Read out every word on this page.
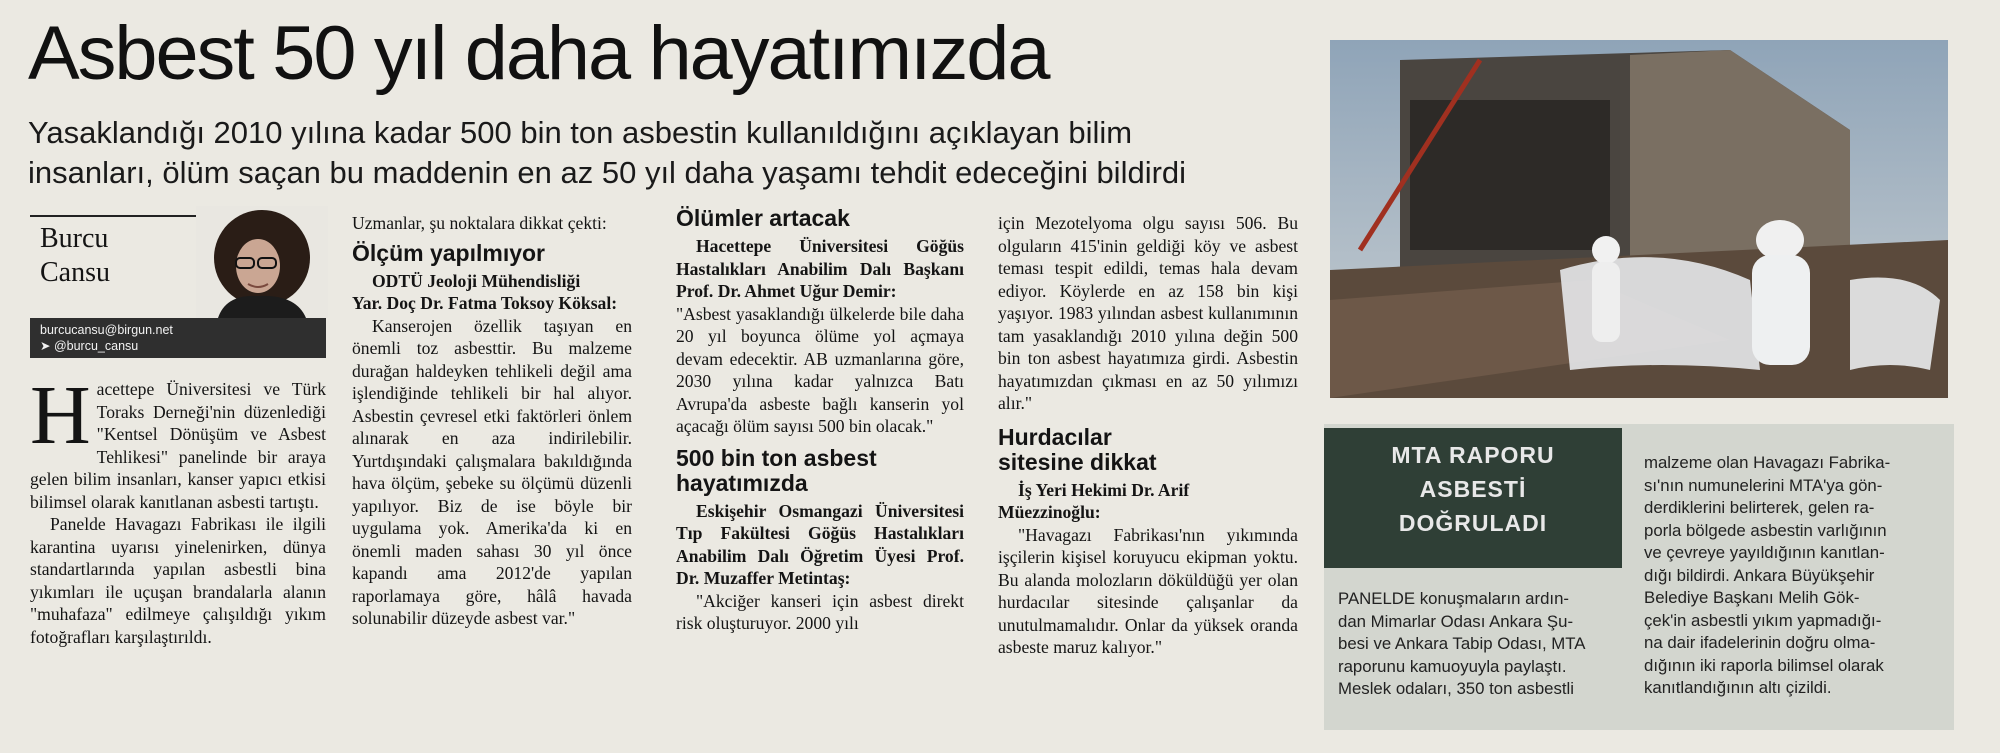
Asbest 50 yıl daha hayatımızda
Yasaklandığı 2010 yılına kadar 500 bin ton asbestin kullanıldığını açıklayan bilim
insanları, ölüm saçan bu maddenin en az 50 yıl daha yaşamı tehdit edeceğini bildirdi
Burcu
Cansu
burcucansu@birgun.net
➤ @burcu_cansu

Hacettepe Üniversitesi ve Türk Toraks Derneği'nin düzenlediği "Kentsel Dönüşüm ve Asbest Tehlikesi" panelinde bir araya gelen bilim insanları, kanser yapıcı etkisi bilimsel olarak kanıtlanan asbesti tartıştı.

Panelde Havagazı Fabrikası ile ilgili karantina uyarısı yinelenirken, dünya standartlarında yapılan asbestli bina yıkımları ile uçuşan brandalarla alanın "muhafaza" edilmeye çalışıldığı yıkım fotoğrafları karşılaştırıldı.

Uzmanlar, şu noktalara dikkat çekti:

Ölçüm yapılmıyor

ODTÜ Jeoloji Mühendisliği

Yar. Doç Dr. Fatma Toksoy Köksal:

Kanserojen özellik taşıyan en önemli toz asbesttir. Bu malzeme durağan haldeyken tehlikeli değil ama işlendiğinde tehlikeli bir hal alıyor. Asbestin çevresel etki faktörleri önlem alınarak en aza indirilebilir. Yurtdışındaki çalışmalara bakıldığında hava ölçüm, şebeke su ölçümü düzenli yapılıyor. Biz de ise böyle bir uygulama yok. Amerika'da ki en önemli maden sahası 30 yıl önce kapandı ama 2012'de yapılan raporlamaya göre, hâlâ havada solunabilir düzeyde asbest var."

Ölümler artacak

Hacettepe Üniversitesi Göğüs Hastalıkları Anabilim Dalı Başkanı Prof. Dr. Ahmet Uğur Demir:

"Asbest yasaklandığı ülkelerde bile daha 20 yıl boyunca ölüme yol açmaya devam edecektir. AB uzmanlarına göre, 2030 yılına kadar yalnızca Batı Avrupa'da asbeste bağlı kanserin yol açacağı ölüm sayısı 500 bin olacak."

500 bin ton asbest
hayatımızda

Eskişehir Osmangazi Üniversitesi Tıp Fakültesi Göğüs Hastalıkları Anabilim Dalı Öğretim Üyesi Prof. Dr. Muzaffer Metintaş:

"Akciğer kanseri için asbest direkt risk oluşturuyor. 2000 yılı

için Mezotelyoma olgu sayısı 506. Bu olguların 415'inin geldiği köy ve asbest teması tespit edildi, temas hala devam ediyor. Köylerde en az 158 bin kişi yaşıyor. 1983 yılından asbest kullanımının tam yasaklandığı 2010 yılına değin 500 bin ton asbest hayatımıza girdi. Asbestin hayatımızdan çıkması en az 50 yılımızı alır."

Hurdacılar
sitesine dikkat

İş Yeri Hekimi Dr. Arif

Müezzinoğlu:

"Havagazı Fabrikası'nın yıkımında işçilerin kişisel koruyucu ekipman yoktu. Bu alanda molozların döküldüğü yer olan hurdacılar sitesinde çalışanlar da unutulmamalıdır. Onlar da yüksek oranda asbeste maruz kalıyor."

MTA RAPORU
ASBESTİ
DOĞRULADI
PANELDE konuşmaların ardın-
dan Mimarlar Odası Ankara Şu-
besi ve Ankara Tabip Odası, MTA
raporunu kamuoyuyla paylaştı.
Meslek odaları, 350 ton asbestli
malzeme olan Havagazı Fabrika-
sı'nın numunelerini MTA'ya gön-
derdiklerini belirterek, gelen ra-
porla bölgede asbestin varlığının
ve çevreye yayıldığının kanıtlan-
dığı bildirdi. Ankara Büyükşehir
Belediye Başkanı Melih Gök-
çek'in asbestli yıkım yapmadığı-
na dair ifadelerinin doğru olma-
dığının iki raporla bilimsel olarak
kanıtlandığının altı çizildi.
